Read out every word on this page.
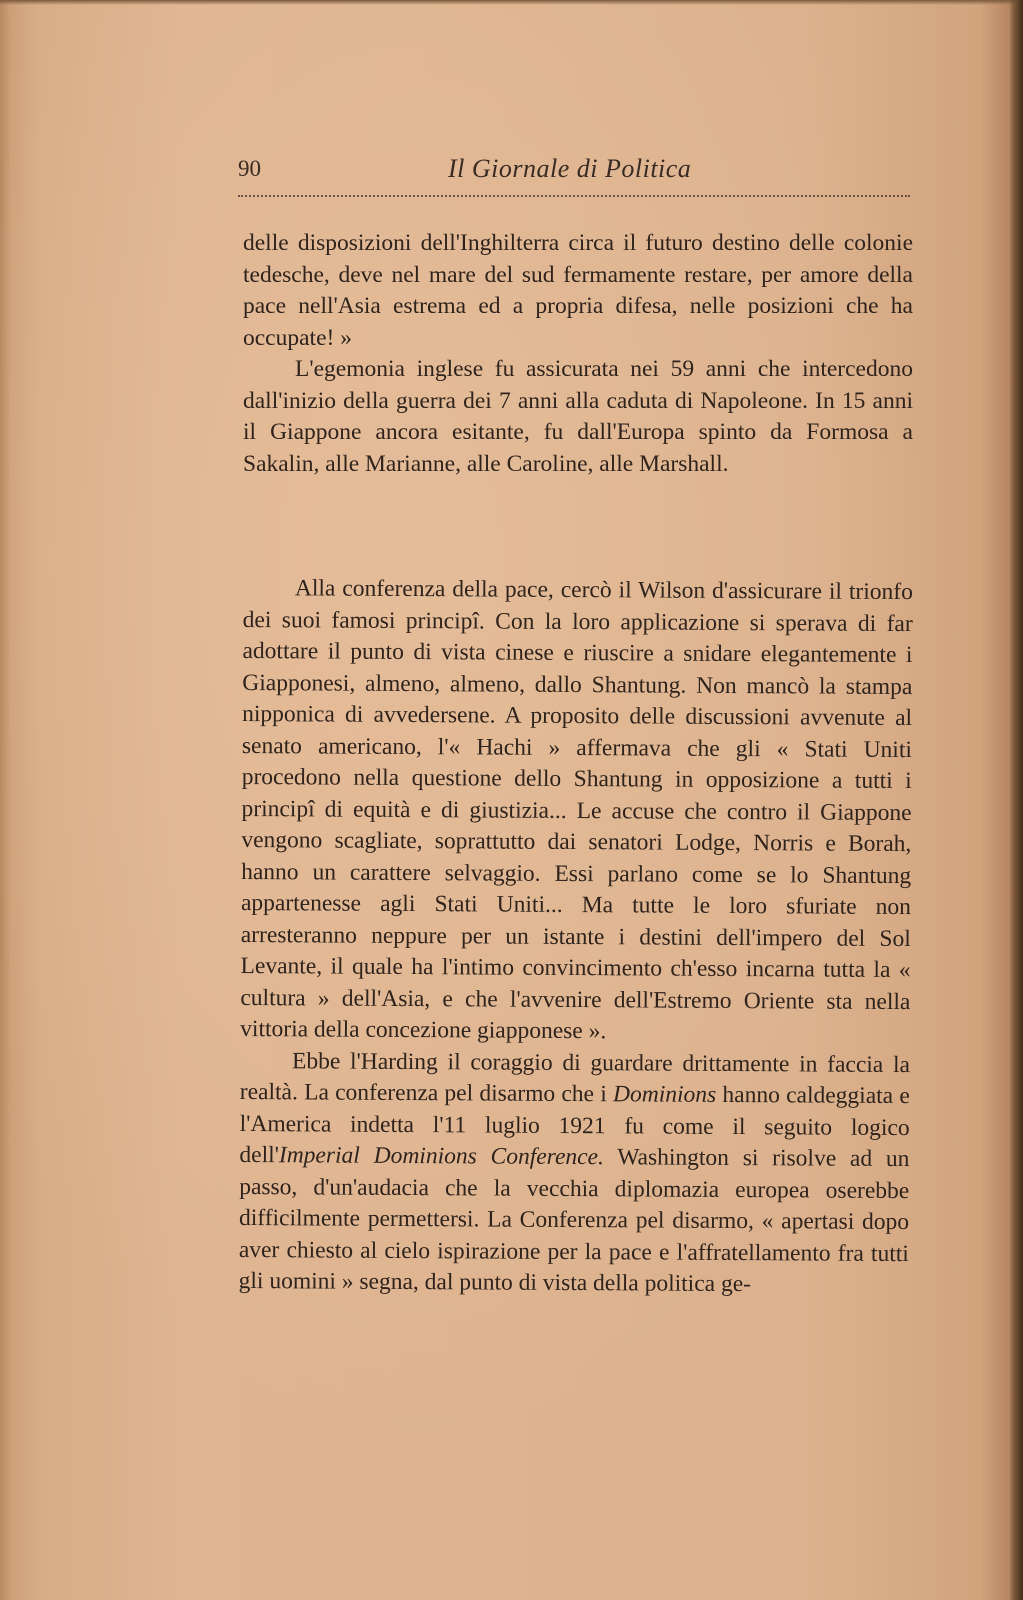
90	Il Giornale di Politica

delle disposizioni dell'Inghilterra circa il futuro destino delle colonie tedesche, deve nel mare del sud fermamente restare, per amore della pace nell'Asia estrema ed a propria difesa, nelle posizioni che ha occupate! »

L'egemonia inglese fu assicurata nei 59 anni che intercedono dall'inizio della guerra dei 7 anni alla caduta di Napoleone. In 15 anni il Giappone ancora esitante, fu dall'Europa spinto da Formosa a Sakalin, alle Marianne, alle Caroline, alle Marshall.

Alla conferenza della pace, cercò il Wilson d'assicurare il trionfo dei suoi famosi principî. Con la loro applicazione si sperava di far adottare il punto di vista cinese e riuscire a snidare elegantemente i Giapponesi, almeno, almeno, dallo Shantung. Non mancò la stampa nipponica di avvedersene. A proposito delle discussioni avvenute al senato americano, l'« Hachi » affermava che gli « Stati Uniti procedono nella questione dello Shantung in opposizione a tutti i principî di equità e di giustizia... Le accuse che contro il Giappone vengono scagliate, soprattutto dai senatori Lodge, Norris e Borah, hanno un carattere selvaggio. Essi parlano come se lo Shantung appartenesse agli Stati Uniti... Ma tutte le loro sfuriate non arresteranno neppure per un istante i destini dell'impero del Sol Levante, il quale ha l'intimo convincimento ch'esso incarna tutta la « cultura » dell'Asia, e che l'avvenire dell'Estremo Oriente sta nella vittoria della concezione giapponese ».

Ebbe l'Harding il coraggio di guardare drittamente in faccia la realtà. La conferenza pel disarmo che i Dominions hanno caldeggiata e l'America indetta l'11 luglio 1921 fu come il seguito logico dell'Imperial Dominions Conference. Washington si risolve ad un passo, d'un'audacia che la vecchia diplomazia europea oserebbe difficilmente permettersi. La Conferenza pel disarmo, « apertasi dopo aver chiesto al cielo ispirazione per la pace e l'affratellamento fra tutti gli uomini » segna, dal punto di vista della politica ge-
